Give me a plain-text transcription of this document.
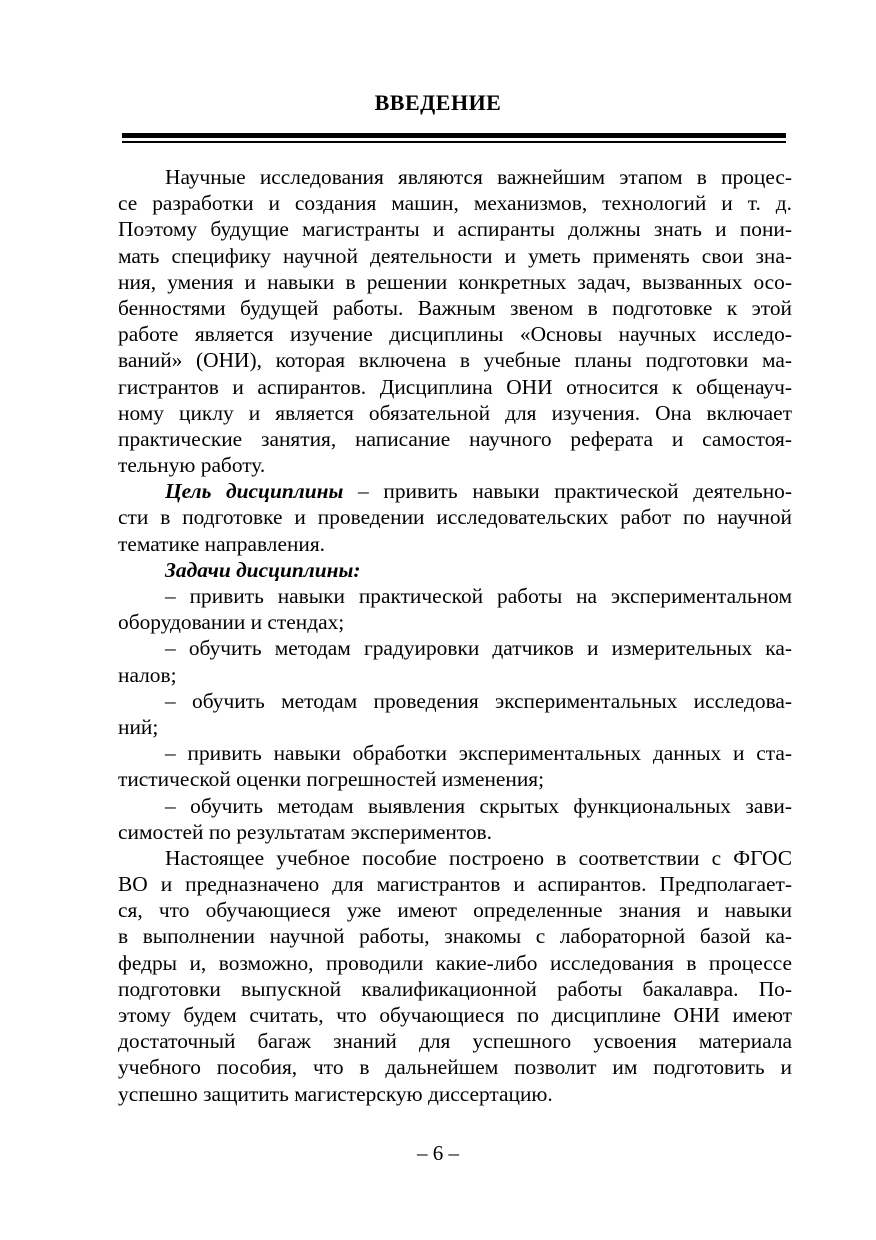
ВВЕДЕНИЕ
Научные исследования являются важнейшим этапом в процес-
се разработки и создания машин, механизмов, технологий и т. д.
Поэтому будущие магистранты и аспиранты должны знать и пони-
мать специфику научной деятельности и уметь применять свои зна-
ния, умения и навыки в решении конкретных задач, вызванных осо-
бенностями будущей работы. Важным звеном в подготовке к этой
работе является изучение дисциплины «Основы научных исследо-
ваний» (ОНИ), которая включена в учебные планы подготовки ма-
гистрантов и аспирантов. Дисциплина ОНИ относится к общенауч-
ному циклу и является обязательной для изучения. Она включает
практические занятия, написание научного реферата и самостоя-
тельную работу.
Цель дисциплины – привить навыки практической деятельно-
сти в подготовке и проведении исследовательских работ по научной
тематике направления.
Задачи дисциплины:
– привить навыки практической работы на экспериментальном
оборудовании и стендах;
– обучить методам градуировки датчиков и измерительных ка-
налов;
– обучить методам проведения экспериментальных исследова-
ний;
– привить навыки обработки экспериментальных данных и ста-
тистической оценки погрешностей изменения;
– обучить методам выявления скрытых функциональных зави-
симостей по результатам экспериментов.
Настоящее учебное пособие построено в соответствии с ФГОС
ВО и предназначено для магистрантов и аспирантов. Предполагает-
ся, что обучающиеся уже имеют определенные знания и навыки
в выполнении научной работы, знакомы с лабораторной базой ка-
федры и, возможно, проводили какие-либо исследования в процессе
подготовки выпускной квалификационной работы бакалавра. По-
этому будем считать, что обучающиеся по дисциплине ОНИ имеют
достаточный багаж знаний для успешного усвоения материала
учебного пособия, что в дальнейшем позволит им подготовить и
успешно защитить магистерскую диссертацию.
– 6 –
